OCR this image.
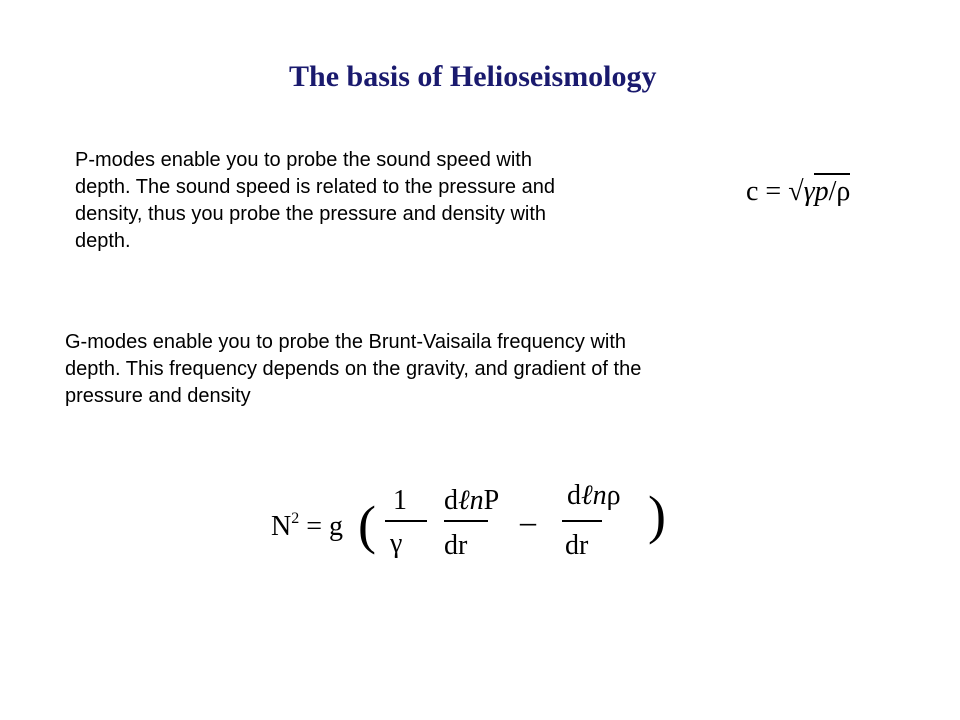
The basis of Helioseismology
P-modes enable you to probe the sound speed with
depth. The sound speed is related to the pressure and
density, thus you probe the pressure and density with
depth.
c = √γp/ρ
G-modes enable you to probe the Brunt-Vaisaila frequency with
depth. This frequency depends on the gravity, and gradient of the
pressure and density
$N^2 = g$ ( 1
γ
dℓnP
dr
–
dℓnρ
dr
)
